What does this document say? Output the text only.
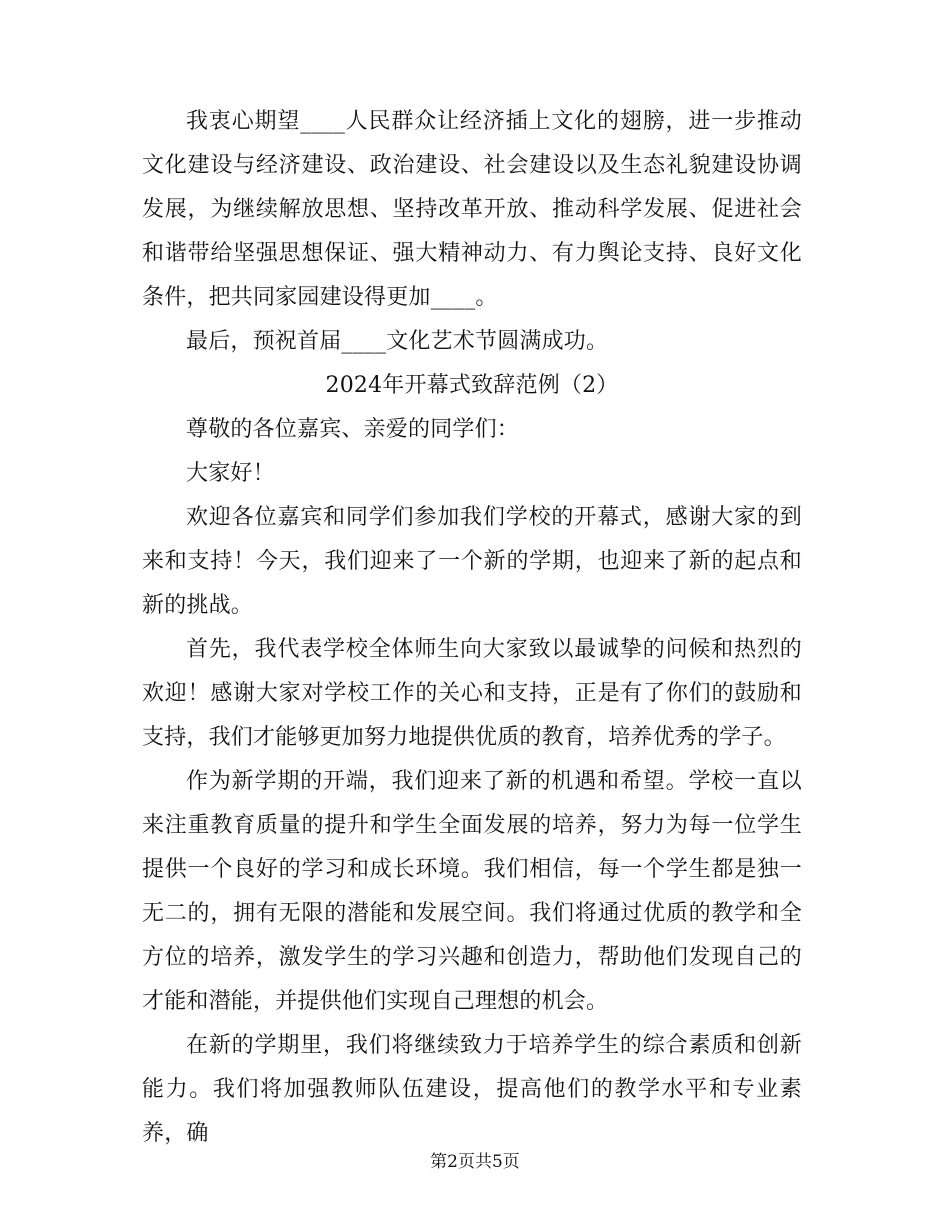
我衷心期望____人民群众让经济插上文化的翅膀，进一步推动文化建设与经济建设、政治建设、社会建设以及生态礼貌建设协调发展，为继续解放思想、坚持改革开放、推动科学发展、促进社会和谐带给坚强思想保证、强大精神动力、有力舆论支持、良好文化条件，把共同家园建设得更加____。

最后，预祝首届____文化艺术节圆满成功。

2024年开幕式致辞范例（2）

尊敬的各位嘉宾、亲爱的同学们：

大家好！

欢迎各位嘉宾和同学们参加我们学校的开幕式，感谢大家的到来和支持！今天，我们迎来了一个新的学期，也迎来了新的起点和新的挑战。

首先，我代表学校全体师生向大家致以最诚挚的问候和热烈的欢迎！感谢大家对学校工作的关心和支持，正是有了你们的鼓励和支持，我们才能够更加努力地提供优质的教育，培养优秀的学子。

作为新学期的开端，我们迎来了新的机遇和希望。学校一直以来注重教育质量的提升和学生全面发展的培养，努力为每一位学生提供一个良好的学习和成长环境。我们相信，每一个学生都是独一无二的，拥有无限的潜能和发展空间。我们将通过优质的教学和全方位的培养，激发学生的学习兴趣和创造力，帮助他们发现自己的才能和潜能，并提供他们实现自己理想的机会。

在新的学期里，我们将继续致力于培养学生的综合素质和创新能力。我们将加强教师队伍建设，提高他们的教学水平和专业素养，确

第2页共5页
